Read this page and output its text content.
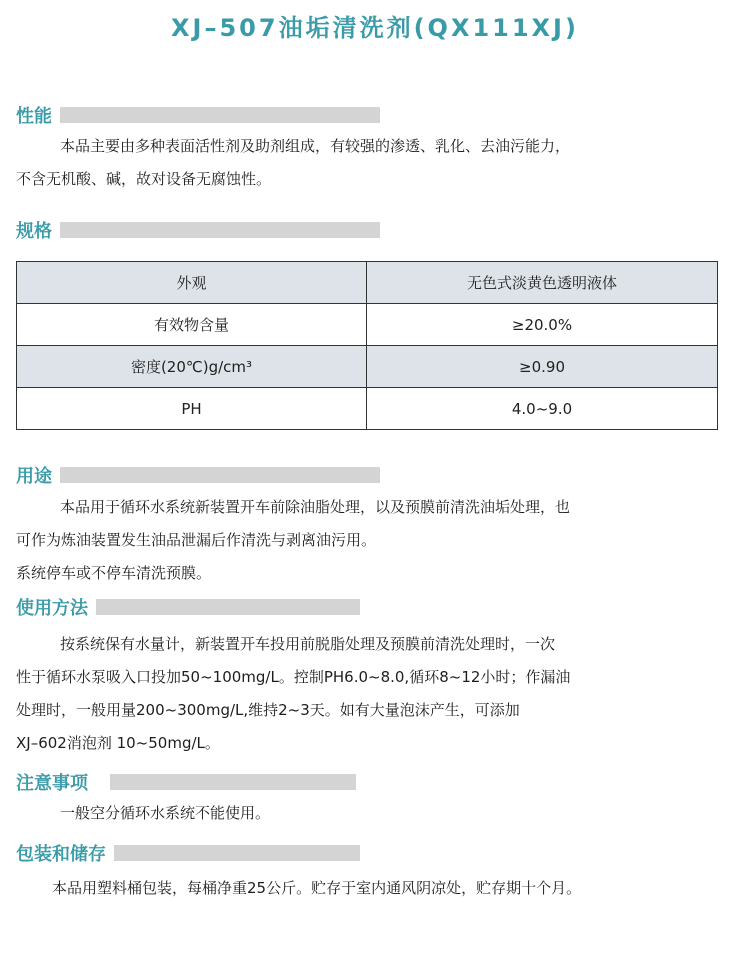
XJ–507油垢清洗剂(QX111XJ)
性能
本品主要由多种表面活性剂及助剂组成，有较强的渗透、乳化、去油污能力，
不含无机酸、碱，故对设备无腐蚀性。
规格
外观	无色式淡黄色透明液体
有效物含量	≥20.0%
密度(20℃)g/cm³	≥0.90
PH	4.0~9.0
用途
本品用于循环水系统新装置开车前除油脂处理，以及预膜前清洗油垢处理，也
可作为炼油装置发生油品泄漏后作清洗与剥离油污用。
系统停车或不停车清洗预膜。
使用方法
按系统保有水量计，新装置开车投用前脱脂处理及预膜前清洗处理时，一次
性于循环水泵吸入口投加50~100mg/L。控制PH6.0~8.0,循环8~12小时；作漏油
处理时，一般用量200~300mg/L,维持2~3天。如有大量泡沫产生，可添加
XJ–602消泡剂 10~50mg/L。
注意事项
一般空分循环水系统不能使用。
包装和储存
本品用塑料桶包装，每桶净重25公斤。贮存于室内通风阴凉处，贮存期十个月。
